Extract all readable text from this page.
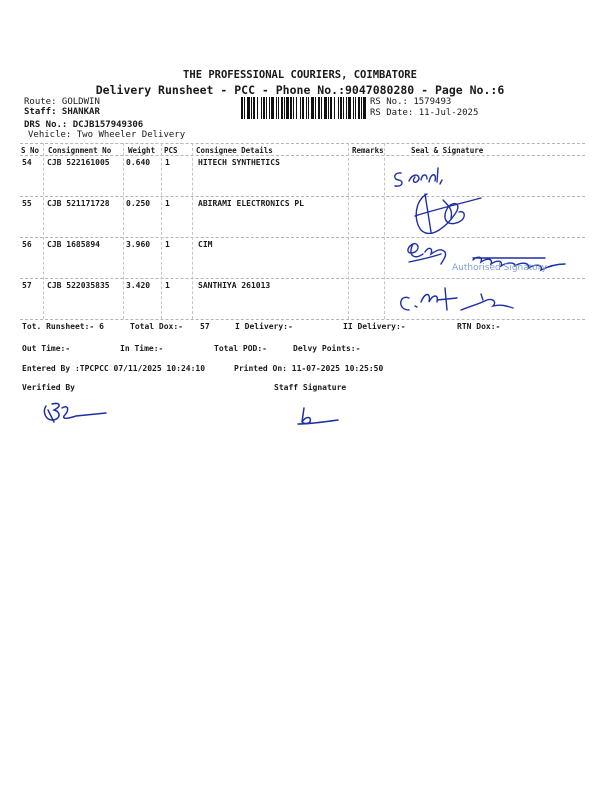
THE PROFESSIONAL COURIERS, COIMBATORE
Delivery Runsheet - PCC - Phone No.:9047080280 - Page No.:6
Route: GOLDWIN
Staff: SHANKAR
DRS No.: DCJB157949306
Vehicle: Two Wheeler Delivery
RS No.: 1579493
RS Date: 11-Jul-2025
S No Consignment No Weight PCS Consignee Details	Remarks	Seal & Signature
54 CJB 522161005 0.640 1	HITECH SYNTHETICS
55 CJB 521171728 0.250 1	ABIRAMI ELECTRONICS PL
56 CJB 1685894	3.960 1	CIM
57 CJB 522035835 3.420 1	SANTHIYA 261013
Authorised Signatory
Tot. Runsheet:- 6	Total Dox:- 57	I Delivery:-	II Delivery:-	RTN Dox:-
Out Time:-	In Time:-	Total POD:-	Delvy Points:-
Entered By :TPCPCC 07/11/2025 10:24:10	Printed On: 11-07-2025 10:25:50
Verified By	Staff Signature
